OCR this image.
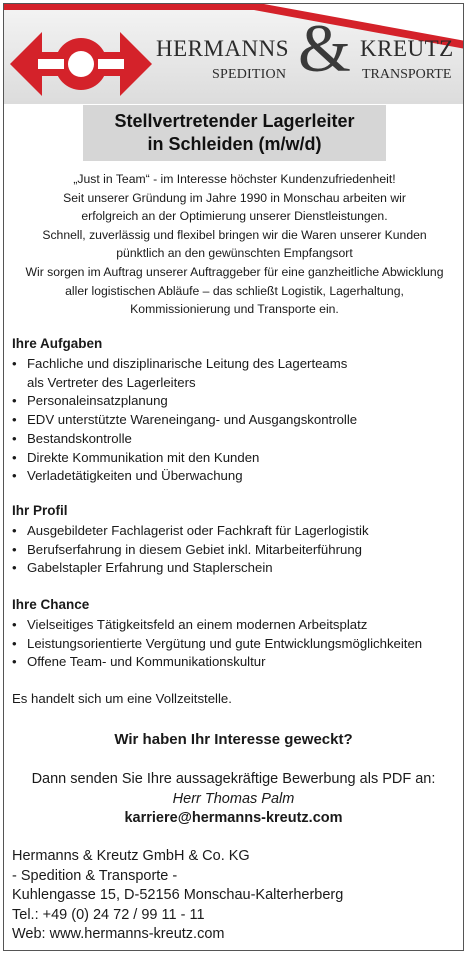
HERMANNS
SPEDITION & KREUTZ
TRANSPORTE
Stellvertretender Lagerleiter
in Schleiden (m/w/d)
„Just in Team“ - im Interesse höchster Kundenzufriedenheit!
Seit unserer Gründung im Jahre 1990 in Monschau arbeiten wir
erfolgreich an der Optimierung unserer Dienstleistungen.
Schnell, zuverlässig und flexibel bringen wir die Waren unserer Kunden
pünktlich an den gewünschten Empfangsort
Wir sorgen im Auftrag unserer Auftraggeber für eine ganzheitliche Abwicklung
aller logistischen Abläufe – das schließt Logistik, Lagerhaltung,
Kommissionierung und Transporte ein.
Ihre Aufgaben
• Fachliche und disziplinarische Leitung des Lagerteams
als Vertreter des Lagerleiters
• Personaleinsatzplanung
• EDV unterstützte Wareneingang- und Ausgangskontrolle
• Bestandskontrolle
• Direkte Kommunikation mit den Kunden
• Verladetätigkeiten und Überwachung
Ihr Profil
• Ausgebildeter Fachlagerist oder Fachkraft für Lagerlogistik
• Berufserfahrung in diesem Gebiet inkl. Mitarbeiterführung
• Gabelstapler Erfahrung und Staplerschein
Ihre Chance
• Vielseitiges Tätigkeitsfeld an einem modernen Arbeitsplatz
• Leistungsorientierte Vergütung und gute Entwicklungsmöglichkeiten
• Offene Team- und Kommunikationskultur
Es handelt sich um eine Vollzeitstelle.
Wir haben Ihr Interesse geweckt?
Dann senden Sie Ihre aussagekräftige Bewerbung als PDF an:
Herr Thomas Palm
karriere@hermanns-kreutz.com
Hermanns & Kreutz GmbH & Co. KG
- Spedition & Transporte -
Kuhlengasse 15, D-52156 Monschau-Kalterherberg
Tel.: +49 (0) 24 72 / 99 11 - 11
Web: www.hermanns-kreutz.com
